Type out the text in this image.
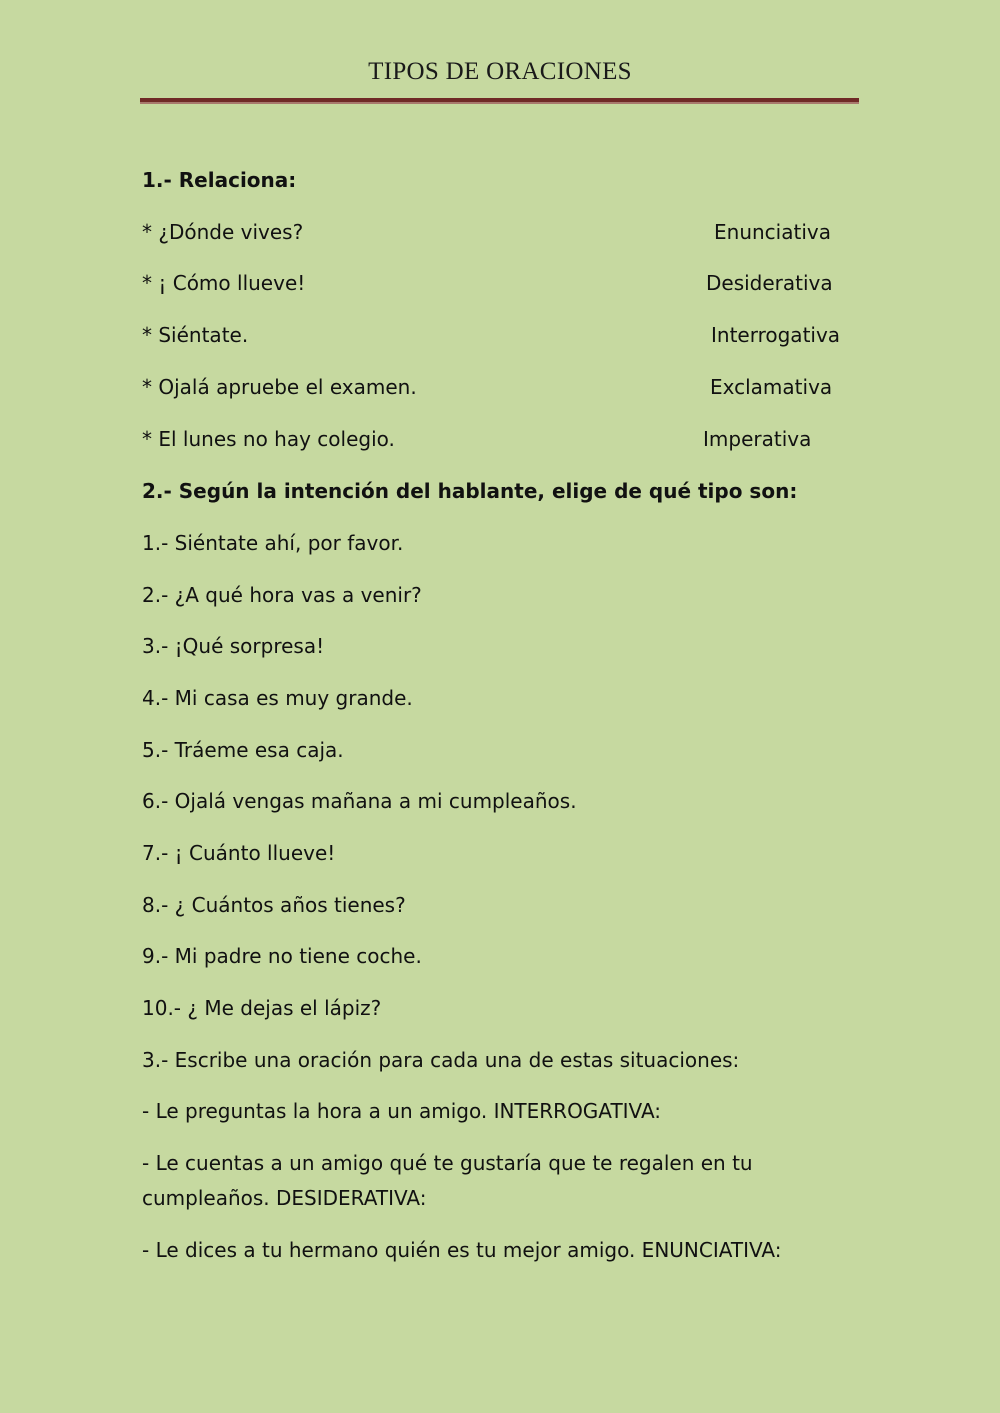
TIPOS DE ORACIONES
1.- Relaciona:
* ¿Dónde vives?
* ¡ Cómo llueve!
* Siéntate.
* Ojalá apruebe el examen.
* El lunes no hay colegio.
Enunciativa
Desiderativa
Interrogativa
Exclamativa
Imperativa
2.- Según la intención del hablante, elige de qué tipo son:
1.- Siéntate ahí, por favor.
2.- ¿A qué hora vas a venir?
3.- ¡Qué sorpresa!
4.- Mi casa es muy grande.
5.- Tráeme esa caja.
6.- Ojalá vengas mañana a mi cumpleaños.
7.- ¡ Cuánto llueve!
8.- ¿ Cuántos años tienes?
9.- Mi padre no tiene coche.
10.- ¿ Me dejas el lápiz?
3.- Escribe una oración para cada una de estas situaciones:
- Le preguntas la hora a un amigo. INTERROGATIVA:
- Le cuentas a un amigo qué te gustaría que te regalen en tu
cumpleaños. DESIDERATIVA:
- Le dices a tu hermano quién es tu mejor amigo. ENUNCIATIVA:
